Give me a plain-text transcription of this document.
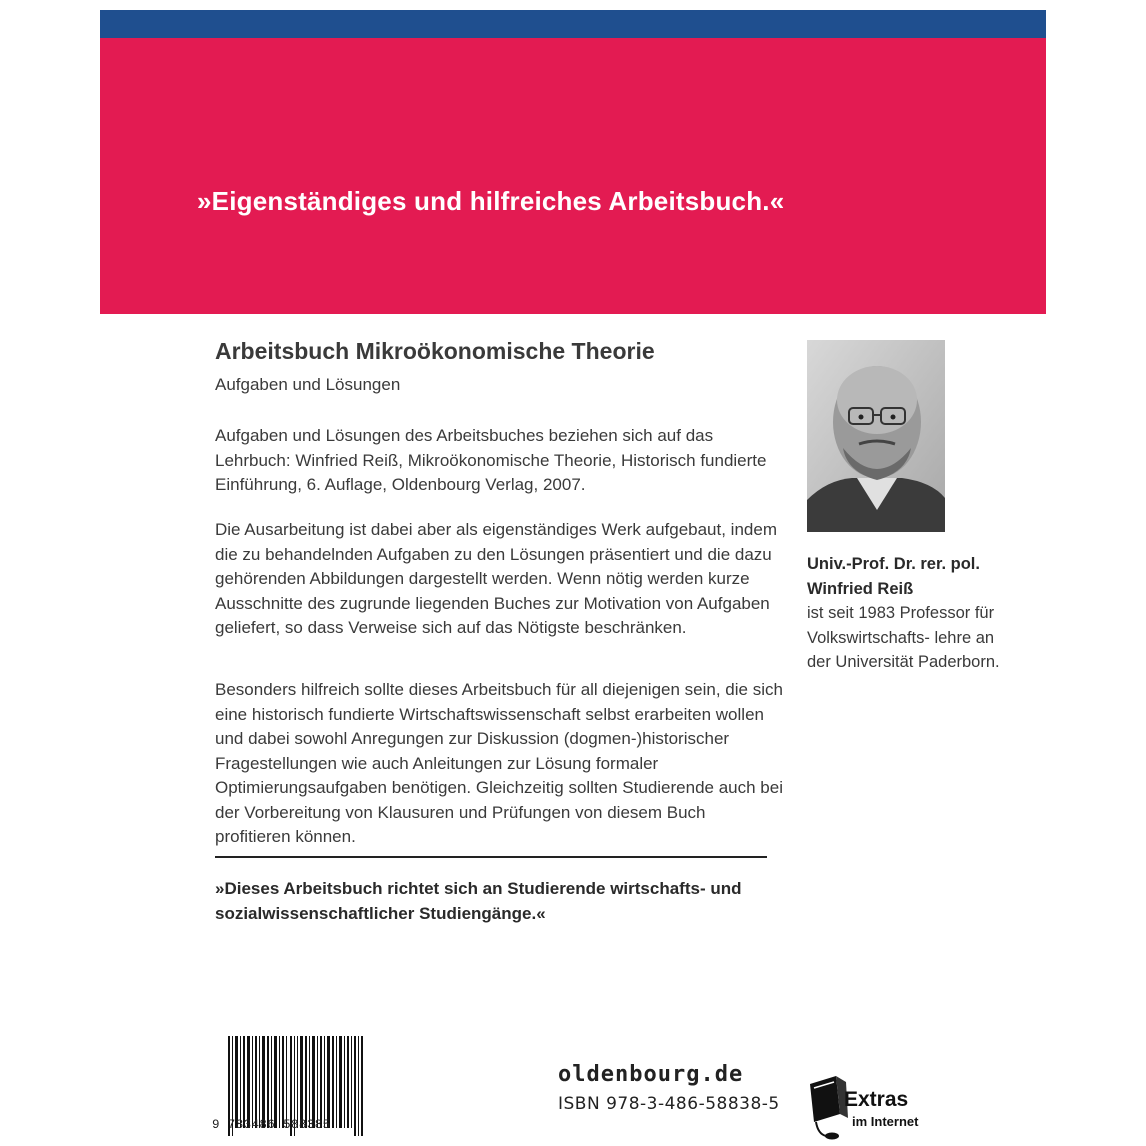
»Eigenständiges und hilfreiches Arbeitsbuch.«
Arbeitsbuch Mikroökonomische Theorie
Aufgaben und Lösungen
Aufgaben und Lösungen des Arbeitsbuches beziehen sich auf das Lehrbuch: Winfried Reiß, Mikroökonomische Theorie, Historisch fundierte Einführung, 6. Auflage, Oldenbourg Verlag, 2007.
Die Ausarbeitung ist dabei aber als eigenständiges Werk aufgebaut, indem die zu behandelnden Aufgaben zu den Lösungen präsentiert und die dazu gehörenden Abbildungen dargestellt werden. Wenn nötig werden kurze Ausschnitte des zugrunde liegenden Buches zur Motivation von Aufgaben geliefert, so dass Verweise sich auf das Nötigste beschränken.
Besonders hilfreich sollte dieses Arbeitsbuch für all diejenigen sein, die sich eine historisch fundierte Wirtschaftswissenschaft selbst erarbeiten wollen und dabei sowohl Anregungen zur Diskussion (dogmen-)historischer Fragestellungen wie auch Anleitungen zur Lösung formaler Optimierungsaufgaben benötigen. Gleichzeitig sollten Studierende auch bei der Vorbereitung von Klausuren und Prüfungen von diesem Buch profitieren können.
»Dieses Arbeitsbuch richtet sich an Studierende wirtschafts- und sozialwissenschaftlicher Studiengänge.«
Univ.-Prof. Dr. rer. pol.
Winfried Reiß
ist seit 1983 Professor für Volkswirtschafts- lehre an der Universität Paderborn.
9 783486 588385
oldenbourg.de
ISBN 978-3-486-58838-5	Extras
im Internet
